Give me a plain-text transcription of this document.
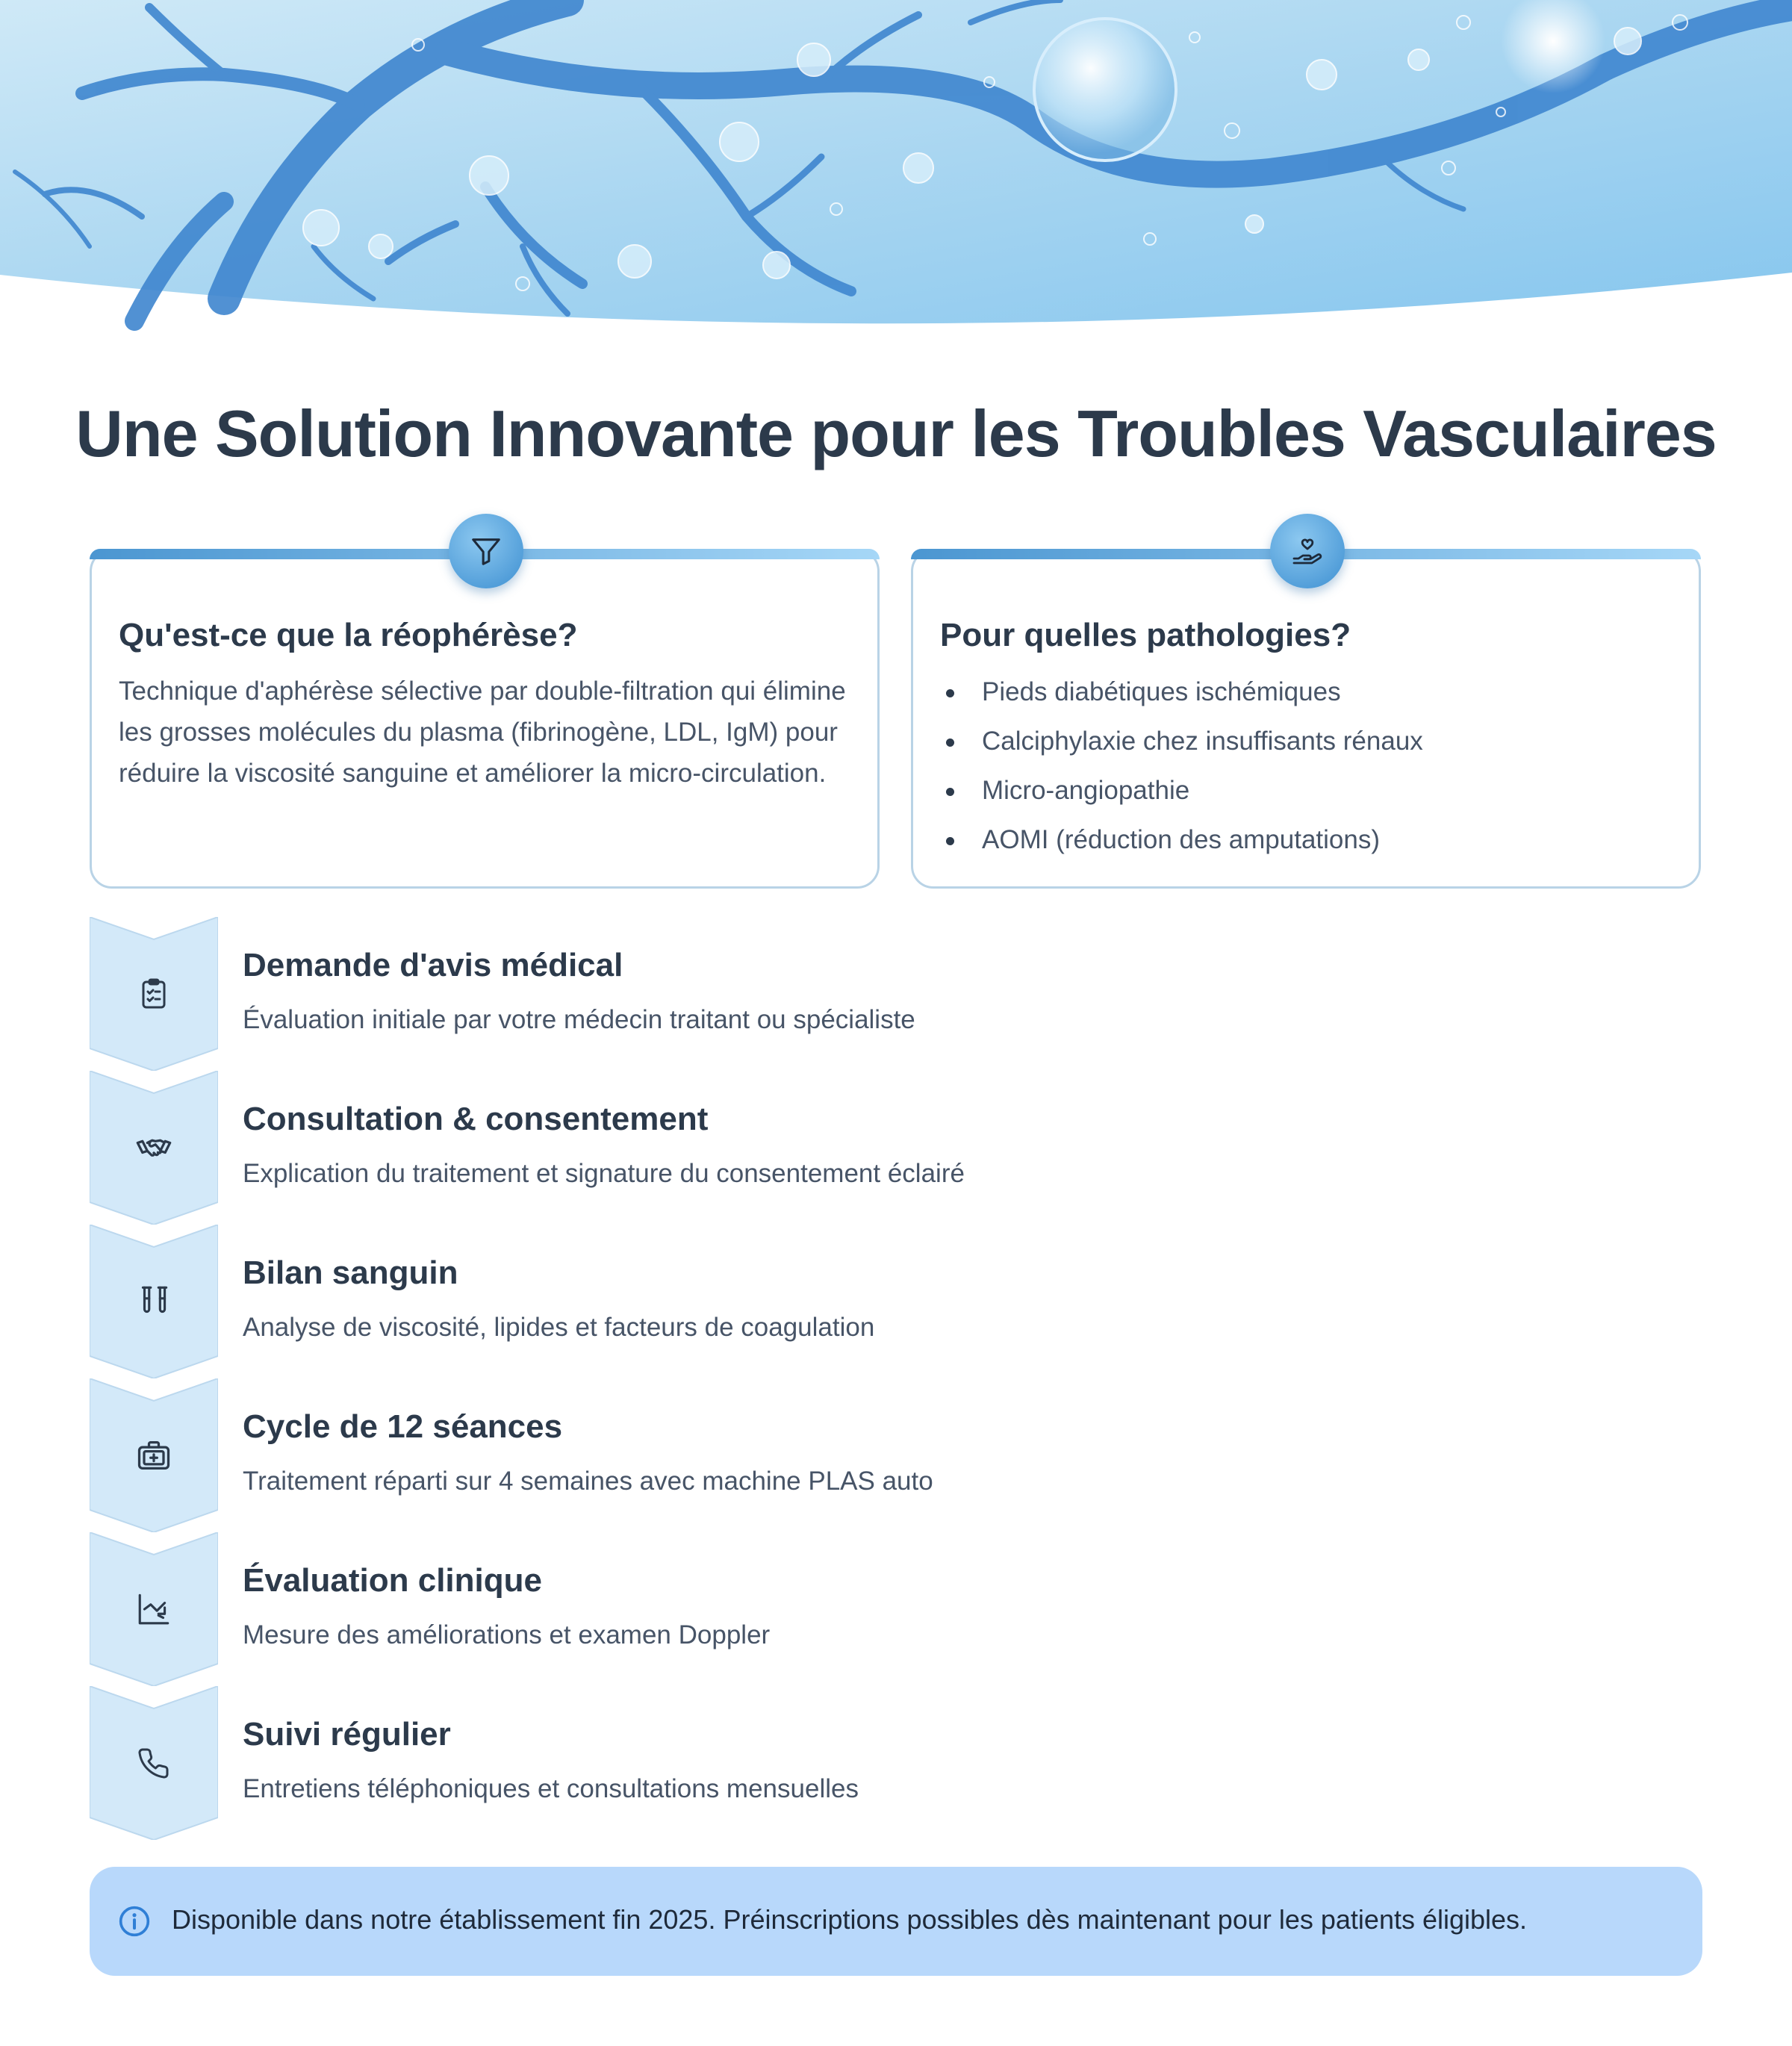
Une Solution Innovante pour les Troubles Vasculaires
Qu'est-ce que la réophérèse?

Technique d'aphérèse sélective par double-filtration qui élimine les grosses molécules du plasma (fibrinogène, LDL, IgM) pour réduire la viscosité sanguine et améliorer la micro-circulation.

Pour quelles pathologies?
Pieds diabétiques ischémiques
Calciphylaxie chez insuffisants rénaux
Micro-angiopathie
AOMI (réduction des amputations)
Demande d'avis médical

Évaluation initiale par votre médecin traitant ou spécialiste

Consultation & consentement

Explication du traitement et signature du consentement éclairé

Bilan sanguin

Analyse de viscosité, lipides et facteurs de coagulation

Cycle de 12 séances

Traitement réparti sur 4 semaines avec machine PLAS auto

Évaluation clinique

Mesure des améliorations et examen Doppler

Suivi régulier

Entretiens téléphoniques et consultations mensuelles

Disponible dans notre établissement fin 2025. Préinscriptions possibles dès maintenant pour les patients éligibles.
